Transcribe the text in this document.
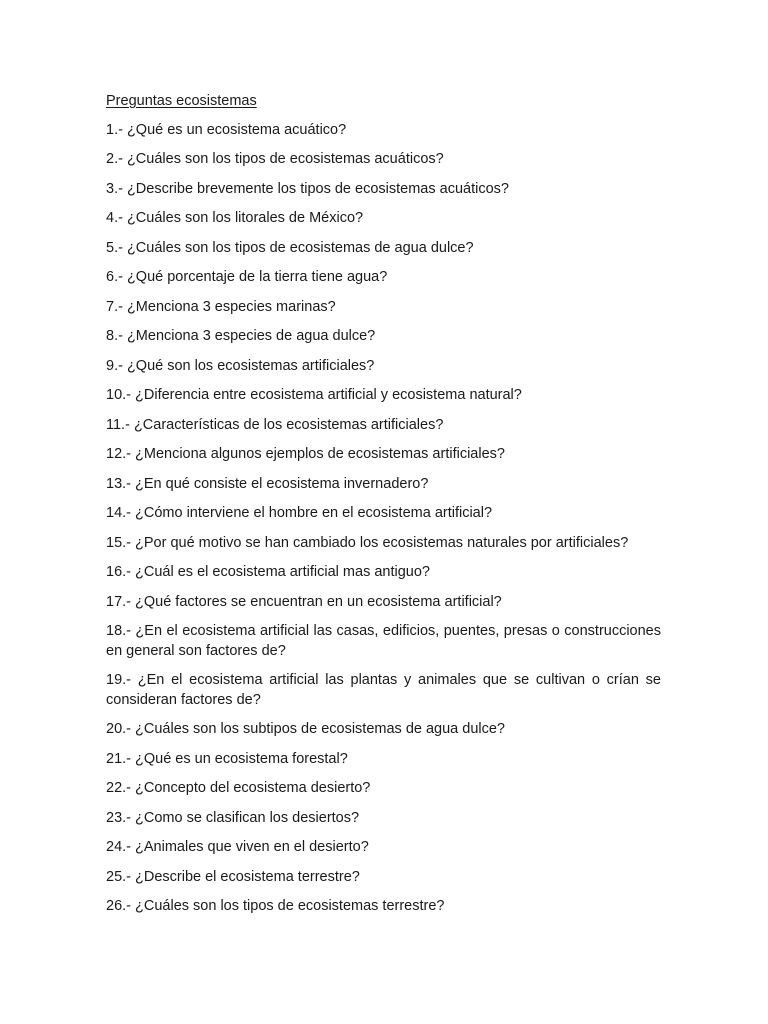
Preguntas ecosistemas

1.- ¿Qué es un ecosistema acuático?

2.- ¿Cuáles son los tipos de ecosistemas acuáticos?

3.- ¿Describe brevemente los tipos de ecosistemas acuáticos?

4.- ¿Cuáles son los litorales de México?

5.- ¿Cuáles son los tipos de ecosistemas de agua dulce?

6.- ¿Qué porcentaje de la tierra tiene agua?

7.- ¿Menciona 3 especies marinas?

8.- ¿Menciona 3 especies de agua dulce?

9.- ¿Qué son los ecosistemas artificiales?

10.- ¿Diferencia entre ecosistema artificial y ecosistema natural?

11.- ¿Características de los ecosistemas artificiales?

12.- ¿Menciona algunos ejemplos de ecosistemas artificiales?

13.- ¿En qué consiste el ecosistema invernadero?

14.- ¿Cómo interviene el hombre en el ecosistema artificial?

15.- ¿Por qué motivo se han cambiado los ecosistemas naturales por artificiales?

16.- ¿Cuál es el ecosistema artificial mas antiguo?

17.- ¿Qué factores se encuentran en un ecosistema artificial?

18.- ¿En el ecosistema artificial las casas, edificios, puentes, presas o construcciones en general son factores de?

19.- ¿En el ecosistema artificial las plantas y animales que se cultivan o crían se consideran factores de?

20.- ¿Cuáles son los subtipos de ecosistemas de agua dulce?

21.- ¿Qué es un ecosistema forestal?

22.- ¿Concepto del ecosistema desierto?

23.- ¿Como se clasifican los desiertos?

24.- ¿Animales que viven en el desierto?

25.- ¿Describe el ecosistema terrestre?

26.- ¿Cuáles son los tipos de ecosistemas terrestre?
